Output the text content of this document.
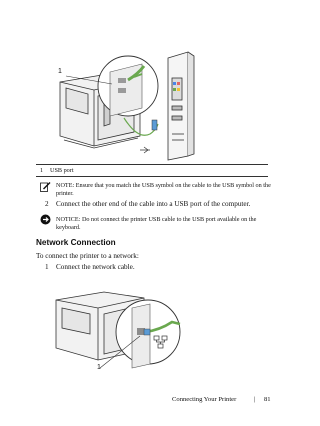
1
1 USB port
NOTE: Ensure that you match the USB symbol on the cable to the USB symbol on the printer.
2 Connect the other end of the cable into a USB port of the computer.
NOTICE: Do not connect the printer USB cable to the USB port available on the keyboard.
Network Connection
To connect the printer to a network:
1 Connect the network cable.
1
Connecting Your Printer	| 81
